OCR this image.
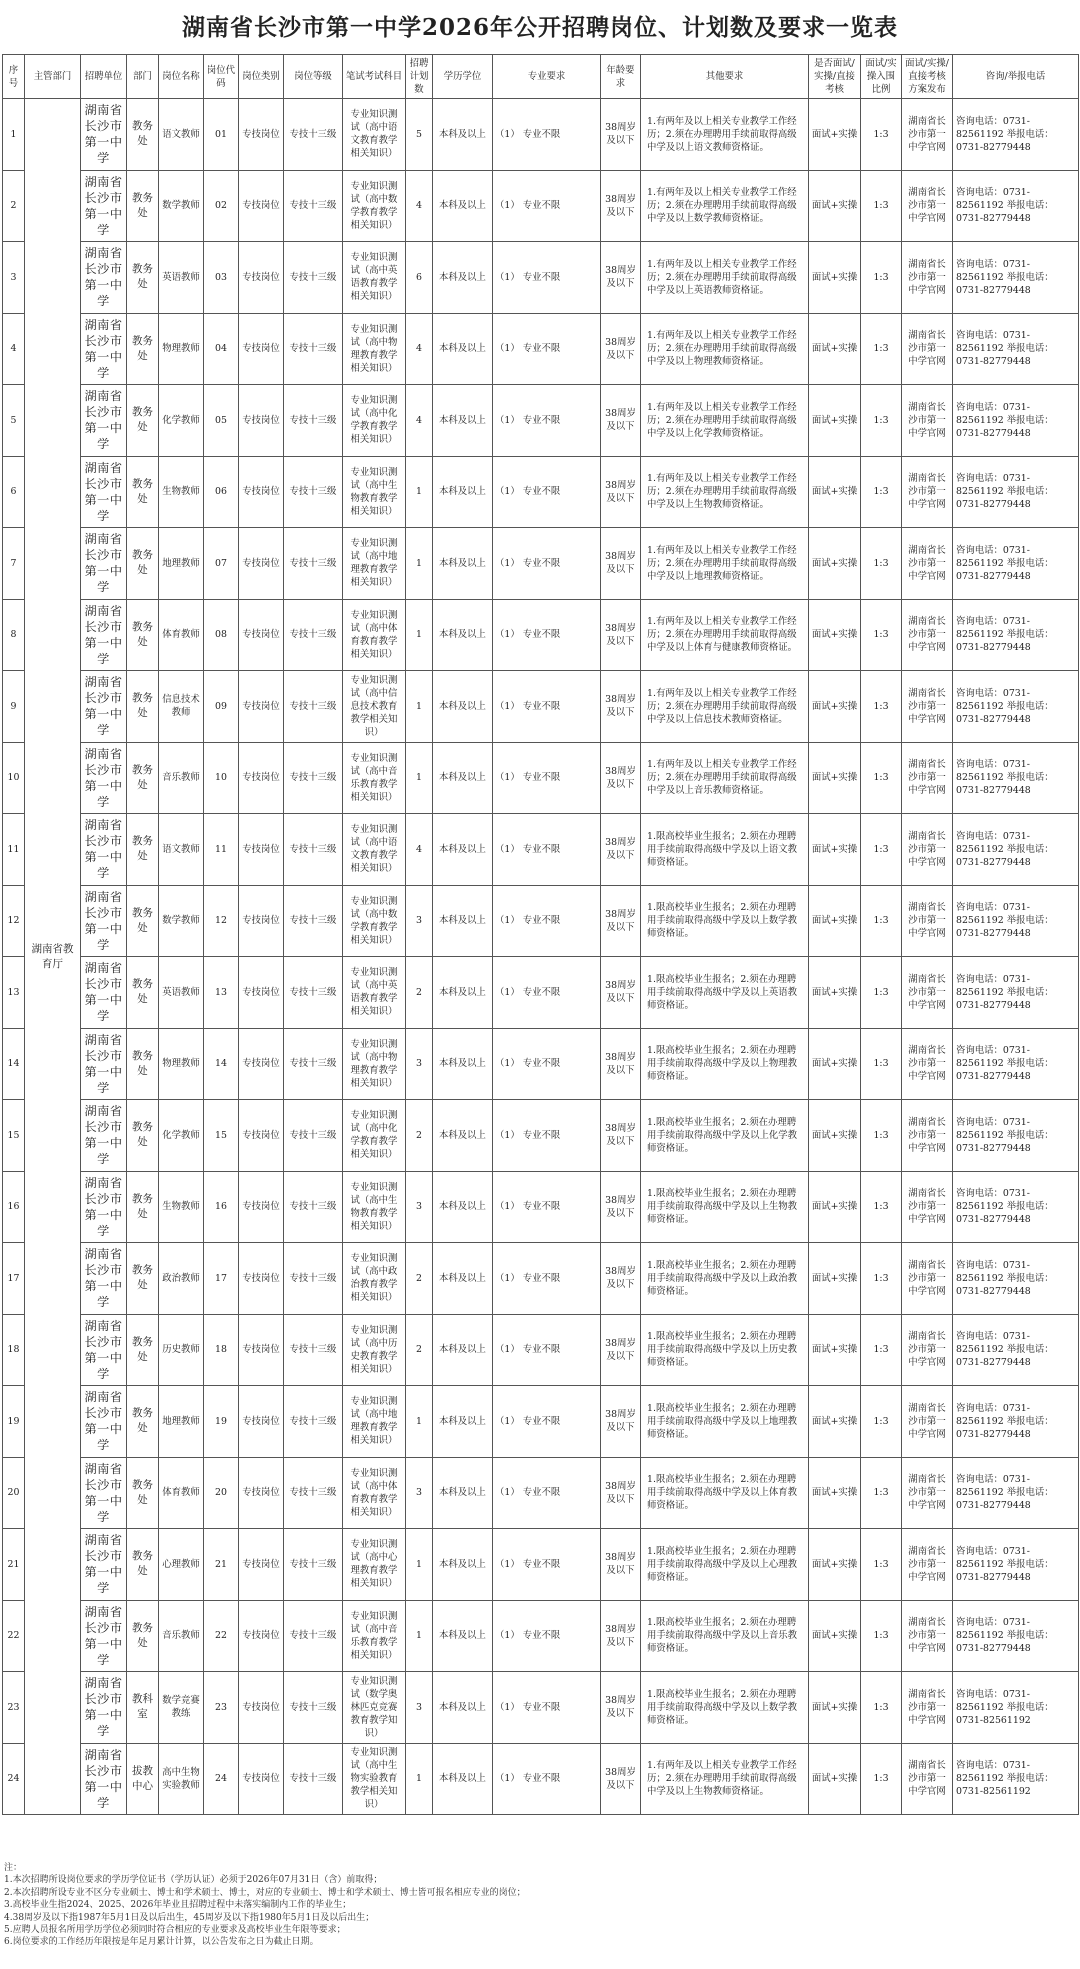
湖南省长沙市第一中学2026年公开招聘岗位、计划数及要求一览表
序号	主管部门	招聘单位	部门	岗位名称	岗位代码	岗位类别	岗位等级	笔试考试科目	招聘计划数	学历学位	专业要求	年龄要求	其他要求	是否面试/实操/直接考核	面试/实操入围比例	面试/实操/直接考核方案发布	咨询/举报电话
1	湖南省教育厅	湖南省长沙市第一中学	教务处	语文教师	01	专技岗位	专技十三级	专业知识测试（高中语文教育教学相关知识）	5	本科及以上	（1） 专业不限	38周岁及以下	1.有两年及以上相关专业教学工作经历；2.须在办理聘用手续前取得高级中学及以上语文教师资格证。	面试+实操	1:3	湖南省长沙市第一中学官网	咨询电话：0731-82561192 举报电话：0731-82779448
2		湖南省长沙市第一中学	教务处	数学教师	02	专技岗位	专技十三级	专业知识测试（高中数学教育教学相关知识）	4	本科及以上	（1） 专业不限	38周岁及以下	1.有两年及以上相关专业教学工作经历；2.须在办理聘用手续前取得高级中学及以上数学教师资格证。	面试+实操	1:3	湖南省长沙市第一中学官网	咨询电话：0731-82561192 举报电话：0731-82779448
3		湖南省长沙市第一中学	教务处	英语教师	03	专技岗位	专技十三级	专业知识测试（高中英语教育教学相关知识）	6	本科及以上	（1） 专业不限	38周岁及以下	1.有两年及以上相关专业教学工作经历；2.须在办理聘用手续前取得高级中学及以上英语教师资格证。	面试+实操	1:3	湖南省长沙市第一中学官网	咨询电话：0731-82561192 举报电话：0731-82779448
4		湖南省长沙市第一中学	教务处	物理教师	04	专技岗位	专技十三级	专业知识测试（高中物理教育教学相关知识）	4	本科及以上	（1） 专业不限	38周岁及以下	1.有两年及以上相关专业教学工作经历；2.须在办理聘用手续前取得高级中学及以上物理教师资格证。	面试+实操	1:3	湖南省长沙市第一中学官网	咨询电话：0731-82561192 举报电话：0731-82779448
5		湖南省长沙市第一中学	教务处	化学教师	05	专技岗位	专技十三级	专业知识测试（高中化学教育教学相关知识）	4	本科及以上	（1） 专业不限	38周岁及以下	1.有两年及以上相关专业教学工作经历；2.须在办理聘用手续前取得高级中学及以上化学教师资格证。	面试+实操	1:3	湖南省长沙市第一中学官网	咨询电话：0731-82561192 举报电话：0731-82779448
6		湖南省长沙市第一中学	教务处	生物教师	06	专技岗位	专技十三级	专业知识测试（高中生物教育教学相关知识）	1	本科及以上	（1） 专业不限	38周岁及以下	1.有两年及以上相关专业教学工作经历；2.须在办理聘用手续前取得高级中学及以上生物教师资格证。	面试+实操	1:3	湖南省长沙市第一中学官网	咨询电话：0731-82561192 举报电话：0731-82779448
7		湖南省长沙市第一中学	教务处	地理教师	07	专技岗位	专技十三级	专业知识测试（高中地理教育教学相关知识）	1	本科及以上	（1） 专业不限	38周岁及以下	1.有两年及以上相关专业教学工作经历；2.须在办理聘用手续前取得高级中学及以上地理教师资格证。	面试+实操	1:3	湖南省长沙市第一中学官网	咨询电话：0731-82561192 举报电话：0731-82779448
8		湖南省长沙市第一中学	教务处	体育教师	08	专技岗位	专技十三级	专业知识测试（高中体育教育教学相关知识）	1	本科及以上	（1） 专业不限	38周岁及以下	1.有两年及以上相关专业教学工作经历；2.须在办理聘用手续前取得高级中学及以上体育与健康教师资格证。	面试+实操	1:3	湖南省长沙市第一中学官网	咨询电话：0731-82561192 举报电话：0731-82779448
9		湖南省长沙市第一中学	教务处	信息技术教师	09	专技岗位	专技十三级	专业知识测试（高中信息技术教育教学相关知识）	1	本科及以上	（1） 专业不限	38周岁及以下	1.有两年及以上相关专业教学工作经历；2.须在办理聘用手续前取得高级中学及以上信息技术教师资格证。	面试+实操	1:3	湖南省长沙市第一中学官网	咨询电话：0731-82561192 举报电话：0731-82779448
10		湖南省长沙市第一中学	教务处	音乐教师	10	专技岗位	专技十三级	专业知识测试（高中音乐教育教学相关知识）	1	本科及以上	（1） 专业不限	38周岁及以下	1.有两年及以上相关专业教学工作经历；2.须在办理聘用手续前取得高级中学及以上音乐教师资格证。	面试+实操	1:3	湖南省长沙市第一中学官网	咨询电话：0731-82561192 举报电话：0731-82779448
11		湖南省长沙市第一中学	教务处	语文教师	11	专技岗位	专技十三级	专业知识测试（高中语文教育教学相关知识）	4	本科及以上	（1） 专业不限	38周岁及以下	1.限高校毕业生报名；2.须在办理聘用手续前取得高级中学及以上语文教师资格证。	面试+实操	1:3	湖南省长沙市第一中学官网	咨询电话：0731-82561192 举报电话：0731-82779448
12		湖南省长沙市第一中学	教务处	数学教师	12	专技岗位	专技十三级	专业知识测试（高中数学教育教学相关知识）	3	本科及以上	（1） 专业不限	38周岁及以下	1.限高校毕业生报名；2.须在办理聘用手续前取得高级中学及以上数学教师资格证。	面试+实操	1:3	湖南省长沙市第一中学官网	咨询电话：0731-82561192 举报电话：0731-82779448
13		湖南省长沙市第一中学	教务处	英语教师	13	专技岗位	专技十三级	专业知识测试（高中英语教育教学相关知识）	2	本科及以上	（1） 专业不限	38周岁及以下	1.限高校毕业生报名；2.须在办理聘用手续前取得高级中学及以上英语教师资格证。	面试+实操	1:3	湖南省长沙市第一中学官网	咨询电话：0731-82561192 举报电话：0731-82779448
14		湖南省长沙市第一中学	教务处	物理教师	14	专技岗位	专技十三级	专业知识测试（高中物理教育教学相关知识）	3	本科及以上	（1） 专业不限	38周岁及以下	1.限高校毕业生报名；2.须在办理聘用手续前取得高级中学及以上物理教师资格证。	面试+实操	1:3	湖南省长沙市第一中学官网	咨询电话：0731-82561192 举报电话：0731-82779448
15		湖南省长沙市第一中学	教务处	化学教师	15	专技岗位	专技十三级	专业知识测试（高中化学教育教学相关知识）	2	本科及以上	（1） 专业不限	38周岁及以下	1.限高校毕业生报名；2.须在办理聘用手续前取得高级中学及以上化学教师资格证。	面试+实操	1:3	湖南省长沙市第一中学官网	咨询电话：0731-82561192 举报电话：0731-82779448
16		湖南省长沙市第一中学	教务处	生物教师	16	专技岗位	专技十三级	专业知识测试（高中生物教育教学相关知识）	3	本科及以上	（1） 专业不限	38周岁及以下	1.限高校毕业生报名；2.须在办理聘用手续前取得高级中学及以上生物教师资格证。	面试+实操	1:3	湖南省长沙市第一中学官网	咨询电话：0731-82561192 举报电话：0731-82779448
17		湖南省长沙市第一中学	教务处	政治教师	17	专技岗位	专技十三级	专业知识测试（高中政治教育教学相关知识）	2	本科及以上	（1） 专业不限	38周岁及以下	1.限高校毕业生报名；2.须在办理聘用手续前取得高级中学及以上政治教师资格证。	面试+实操	1:3	湖南省长沙市第一中学官网	咨询电话：0731-82561192 举报电话：0731-82779448
18		湖南省长沙市第一中学	教务处	历史教师	18	专技岗位	专技十三级	专业知识测试（高中历史教育教学相关知识）	2	本科及以上	（1） 专业不限	38周岁及以下	1.限高校毕业生报名；2.须在办理聘用手续前取得高级中学及以上历史教师资格证。	面试+实操	1:3	湖南省长沙市第一中学官网	咨询电话：0731-82561192 举报电话：0731-82779448
19		湖南省长沙市第一中学	教务处	地理教师	19	专技岗位	专技十三级	专业知识测试（高中地理教育教学相关知识）	1	本科及以上	（1） 专业不限	38周岁及以下	1.限高校毕业生报名；2.须在办理聘用手续前取得高级中学及以上地理教师资格证。	面试+实操	1:3	湖南省长沙市第一中学官网	咨询电话：0731-82561192 举报电话：0731-82779448
20		湖南省长沙市第一中学	教务处	体育教师	20	专技岗位	专技十三级	专业知识测试（高中体育教育教学相关知识）	3	本科及以上	（1） 专业不限	38周岁及以下	1.限高校毕业生报名；2.须在办理聘用手续前取得高级中学及以上体育教师资格证。	面试+实操	1:3	湖南省长沙市第一中学官网	咨询电话：0731-82561192 举报电话：0731-82779448
21		湖南省长沙市第一中学	教务处	心理教师	21	专技岗位	专技十三级	专业知识测试（高中心理教育教学相关知识）	1	本科及以上	（1） 专业不限	38周岁及以下	1.限高校毕业生报名；2.须在办理聘用手续前取得高级中学及以上心理教师资格证。	面试+实操	1:3	湖南省长沙市第一中学官网	咨询电话：0731-82561192 举报电话：0731-82779448
22		湖南省长沙市第一中学	教务处	音乐教师	22	专技岗位	专技十三级	专业知识测试（高中音乐教育教学相关知识）	1	本科及以上	（1） 专业不限	38周岁及以下	1.限高校毕业生报名；2.须在办理聘用手续前取得高级中学及以上音乐教师资格证。	面试+实操	1:3	湖南省长沙市第一中学官网	咨询电话：0731-82561192 举报电话：0731-82779448
23		湖南省长沙市第一中学	教科室	数学竞赛教练	23	专技岗位	专技十三级	专业知识测试（数学奥林匹克竞赛教育教学知识）	3	本科及以上	（1） 专业不限	38周岁及以下	1.限高校毕业生报名；2.须在办理聘用手续前取得高级中学及以上数学教师资格证。	面试+实操	1:3	湖南省长沙市第一中学官网	咨询电话：0731-82561192 举报电话：0731-82561192
24		湖南省长沙市第一中学	拔教中心	高中生物实验教师	24	专技岗位	专技十三级	专业知识测试（高中生物实验教育教学相关知识）	1	本科及以上	（1） 专业不限	38周岁及以下	1.有两年及以上相关专业教学工作经历；2.须在办理聘用手续前取得高级中学及以上生物教师资格证。	面试+实操	1:3	湖南省长沙市第一中学官网	咨询电话：0731-82561192 举报电话：0731-82561192
注：
1.本次招聘所设岗位要求的学历学位证书（学历认证）必须于2026年07月31日（含）前取得；
2.本次招聘所设专业不区分专业硕士、博士和学术硕士、博士，对应的专业硕士、博士和学术硕士、博士皆可报名相应专业的岗位；
3.高校毕业生指2024、2025、2026年毕业且招聘过程中未落实编制内工作的毕业生；
4.38周岁及以下指1987年5月1日及以后出生，45周岁及以下指1980年5月1日及以后出生；
5.应聘人员报名所用学历学位必须同时符合相应的专业要求及高校毕业生年限等要求；
6.岗位要求的工作经历年限按是年足月累计计算，以公告发布之日为截止日期。
